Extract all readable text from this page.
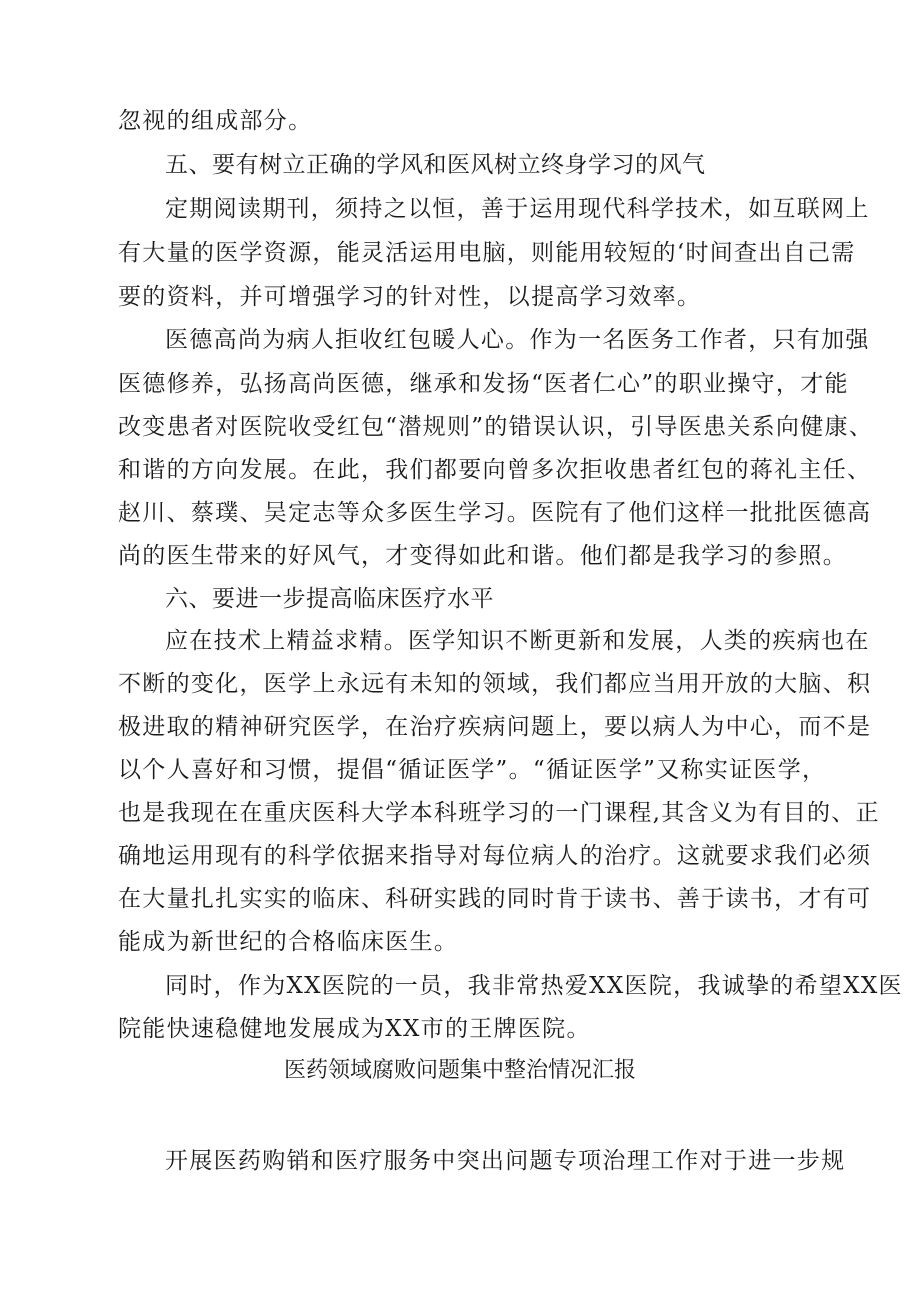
忽视的组成部分。
五、要有树立正确的学风和医风树立终身学习的风气
定期阅读期刊，须持之以恒，善于运用现代科学技术，如互联网上
有大量的医学资源，能灵活运用电脑，则能用较短的‘时间查出自己需
要的资料，并可增强学习的针对性，以提高学习效率。
医德高尚为病人拒收红包暖人心。作为一名医务工作者，只有加强
医德修养，弘扬高尚医德，继承和发扬“医者仁心”的职业操守，才能
改变患者对医院收受红包“潜规则”的错误认识，引导医患关系向健康、
和谐的方向发展。在此，我们都要向曾多次拒收患者红包的蒋礼主任、
赵川、蔡璞、吴定志等众多医生学习。医院有了他们这样一批批医德高
尚的医生带来的好风气，才变得如此和谐。他们都是我学习的参照。
六、要进一步提高临床医疗水平
应在技术上精益求精。医学知识不断更新和发展，人类的疾病也在
不断的变化，医学上永远有未知的领域，我们都应当用开放的大脑、积
极进取的精神研究医学，在治疗疾病问题上，要以病人为中心，而不是
以个人喜好和习惯，提倡“循证医学”。“循证医学”又称实证医学，
也是我现在在重庆医科大学本科班学习的一门课程,其含义为有目的、正
确地运用现有的科学依据来指导对每位病人的治疗。这就要求我们必须
在大量扎扎实实的临床、科研实践的同时肯于读书、善于读书，才有可
能成为新世纪的合格临床医生。
同时，作为XX医院的一员，我非常热爱XX医院，我诚挚的希望XX医
院能快速稳健地发展成为XX市的王牌医院。
医药领域腐败问题集中整治情况汇报
开展医药购销和医疗服务中突出问题专项治理工作对于进一步规
